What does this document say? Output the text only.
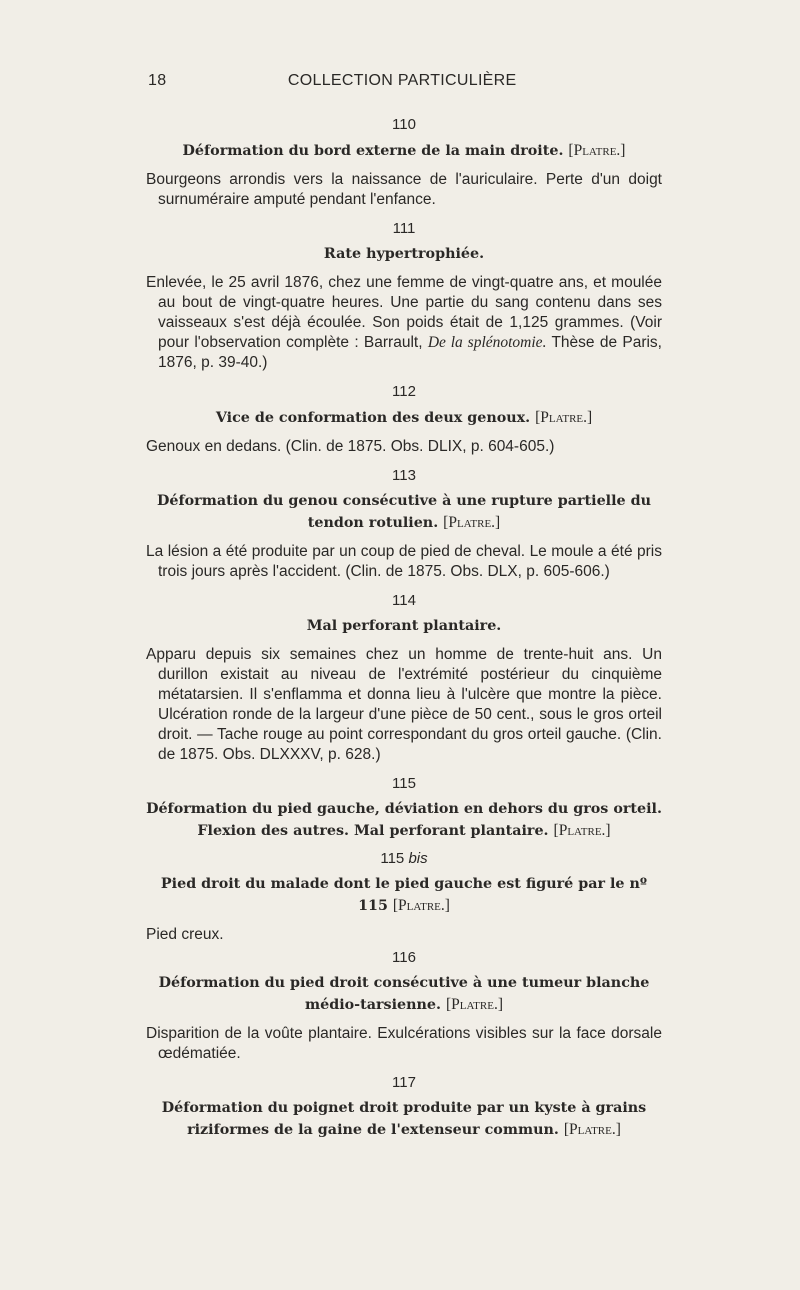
18	COLLECTION PARTICULIÈRE
110
Déformation du bord externe de la main droite. [Platre.]

Bourgeons arrondis vers la naissance de l'auriculaire. Perte d'un doigt surnuméraire amputé pendant l'enfance.

111
Rate hypertrophiée.

Enlevée, le 25 avril 1876, chez une femme de vingt-quatre ans, et moulée au bout de vingt-quatre heures. Une partie du sang contenu dans ses vaisseaux s'est déjà écoulée. Son poids était de 1,125 grammes. (Voir pour l'observation complète : Barrault, De la splénotomie. Thèse de Paris, 1876, p. 39-40.)

112
Vice de conformation des deux genoux. [Platre.]

Genoux en dedans. (Clin. de 1875. Obs. DLIX, p. 604-605.)

113
Déformation du genou consécutive à une rupture partielle du tendon rotulien. [Platre.]

La lésion a été produite par un coup de pied de cheval. Le moule a été pris trois jours après l'accident. (Clin. de 1875. Obs. DLX, p. 605-606.)

114
Mal perforant plantaire.

Apparu depuis six semaines chez un homme de trente-huit ans. Un durillon existait au niveau de l'extrémité postérieur du cinquième métatarsien. Il s'enflamma et donna lieu à l'ulcère que montre la pièce. Ulcération ronde de la largeur d'une pièce de 50 cent., sous le gros orteil droit. — Tache rouge au point correspondant du gros orteil gauche. (Clin. de 1875. Obs. DLXXXV, p. 628.)

115
Déformation du pied gauche, déviation en dehors du gros orteil. Flexion des autres. Mal perforant plantaire. [Platre.]
115 bis
Pied droit du malade dont le pied gauche est figuré par le nº 115 [Platre.]

Pied creux.

116
Déformation du pied droit consécutive à une tumeur blanche médio-tarsienne. [Platre.]

Disparition de la voûte plantaire. Exulcérations visibles sur la face dorsale œdématiée.

117
Déformation du poignet droit produite par un kyste à grains riziformes de la gaine de l'extenseur commun. [Platre.]
